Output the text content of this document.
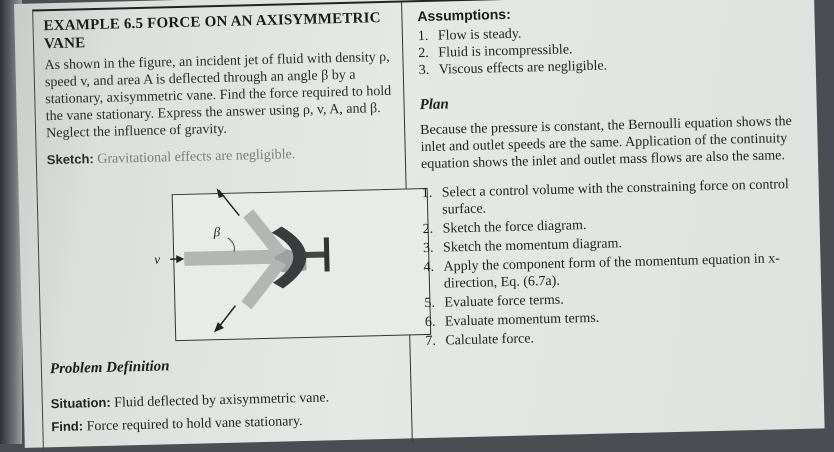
EXAMPLE 6.5 FORCE ON AN AXISYMMETRIC
VANE
As shown in the figure, an incident jet of fluid with density ρ, speed v, and area A is deflected through an angle β by a stationary, axisymmetric vane. Find the force required to hold the vane stationary. Express the answer using ρ, v, A, and β. Neglect the influence of gravity.
Sketch: Gravitational effects are negligible.
β
v
Problem Definition
Situation: Fluid deflected by axisymmetric vane.
Find: Force required to hold vane stationary.
Assumptions:
1. Flow is steady.
2. Fluid is incompressible.
3. Viscous effects are negligible.
Plan
Because the pressure is constant, the Bernoulli equation shows the inlet and outlet speeds are the same. Application of the continuity equation shows the inlet and outlet mass flows are also the same.
1. Select a control volume with the constraining force on control surface.
2. Sketch the force diagram.
3. Sketch the momentum diagram.
4. Apply the component form of the momentum equation in x-direction, Eq. (6.7a).
5. Evaluate force terms.
6. Evaluate momentum terms.
7. Calculate force.
